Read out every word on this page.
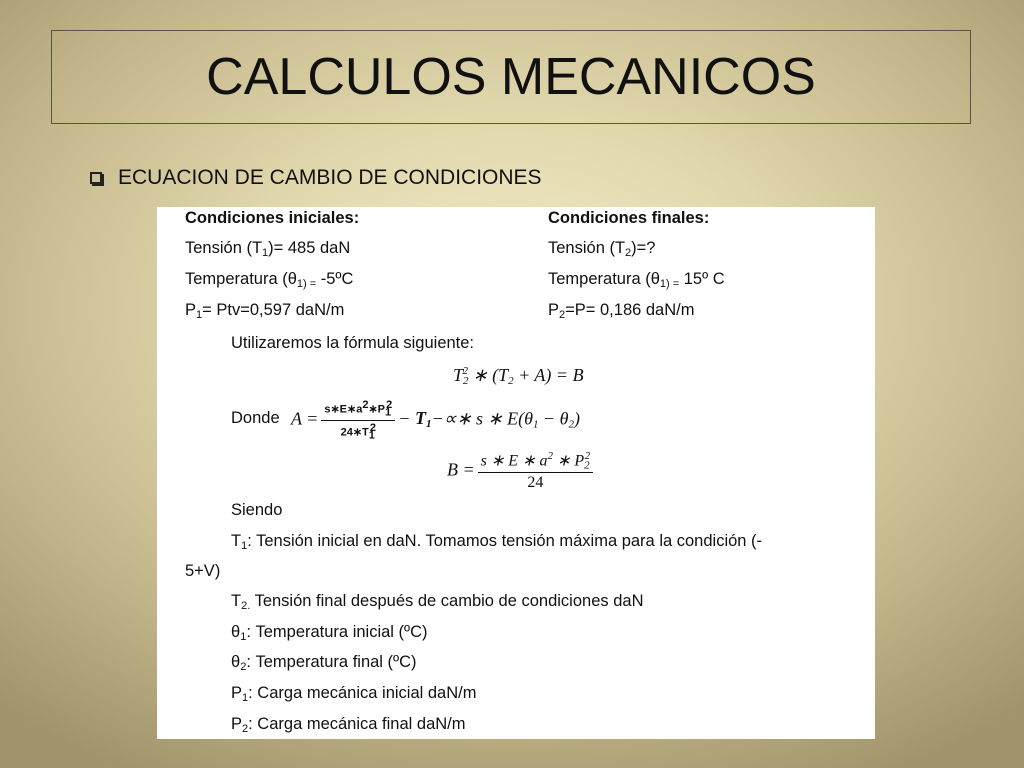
CALCULOS MECANICOS
ECUACION DE CAMBIO DE CONDICIONES
Condiciones iniciales:	Condiciones finales:
Tensión $(T_1)= 485$ daN	Tensión $(T_2)=$?
Temperatura ($\theta_{1) =}$ -5ºC	Temperatura ($\theta_{1) =}$ 15º C
$P_1= Ptv=0,597$ daN/m	$P_2=P= 0,186$ daN/m
Utilizaremos la fórmula siguiente:
$T_2^2$ ∗ $(T_2 + A) = B$
Donde $A = \frac{s∗E∗a^2∗P_1^2}{24∗T_1^2}$ − $T_1-\propto∗$ s ∗ $E(\theta_1 - \theta_2)$
$B = \frac{s ∗ E ∗ a^2 ∗ P_2^2}{24}$
Siendo
$T_1$: Tensión inicial en daN. Tomamos tensión máxima para la condición (-
5+V)
$T_{2.}$ Tensión final después de cambio de condiciones daN
$\theta_1$: Temperatura inicial (ºC)
$\theta_2$: Temperatura final (ºC)
$P_1$: Carga mecánica inicial daN/m
$P_2$: Carga mecánica final daN/m
